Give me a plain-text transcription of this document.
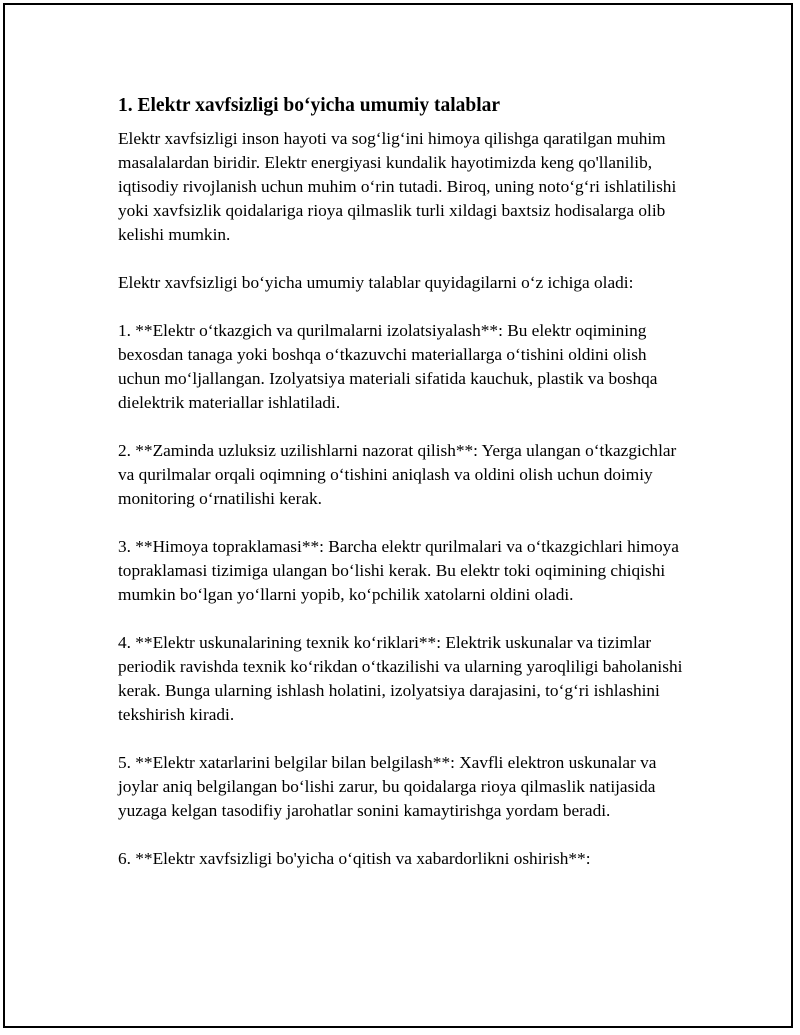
1. Elektr xavfsizligi bo‘yicha umumiy talablar

Elektr xavfsizligi inson hayoti va sog‘lig‘ini himoya qilishga qaratilgan muhim masalalardan biridir. Elektr energiyasi kundalik hayotimizda keng qo'llanilib, iqtisodiy rivojlanish uchun muhim o‘rin tutadi. Biroq, uning noto‘g‘ri ishlatilishi yoki xavfsizlik qoidalariga rioya qilmaslik turli xildagi baxtsiz hodisalarga olib kelishi mumkin.

Elektr xavfsizligi bo‘yicha umumiy talablar quyidagilarni o‘z ichiga oladi:

1. **Elektr o‘tkazgich va qurilmalarni izolatsiyalash**: Bu elektr oqimining bexosdan tanaga yoki boshqa o‘tkazuvchi materiallarga o‘tishini oldini olish uchun mo‘ljallangan. Izolyatsiya materiali sifatida kauchuk, plastik va boshqa dielektrik materiallar ishlatiladi.

2. **Zaminda uzluksiz uzilishlarni nazorat qilish**: Yerga ulangan o‘tkazgichlar va qurilmalar orqali oqimning o‘tishini aniqlash va oldini olish uchun doimiy monitoring o‘rnatilishi kerak.

3. **Himoya topraklamasi**: Barcha elektr qurilmalari va o‘tkazgichlari himoya topraklamasi tizimiga ulangan bo‘lishi kerak. Bu elektr toki oqimining chiqishi mumkin bo‘lgan yo‘llarni yopib, ko‘pchilik xatolarni oldini oladi.

4. **Elektr uskunalarining texnik ko‘riklari**: Elektrik uskunalar va tizimlar periodik ravishda texnik ko‘rikdan o‘tkazilishi va ularning yaroqliligi baholanishi kerak. Bunga ularning ishlash holatini, izolyatsiya darajasini, to‘g‘ri ishlashini tekshirish kiradi.

5. **Elektr xatarlarini belgilar bilan belgilash**: Xavfli elektron uskunalar va joylar aniq belgilangan bo‘lishi zarur, bu qoidalarga rioya qilmaslik natijasida yuzaga kelgan tasodifiy jarohatlar sonini kamaytirishga yordam beradi.

6. **Elektr xavfsizligi bo'yicha o‘qitish va xabardorlikni oshirish**:
